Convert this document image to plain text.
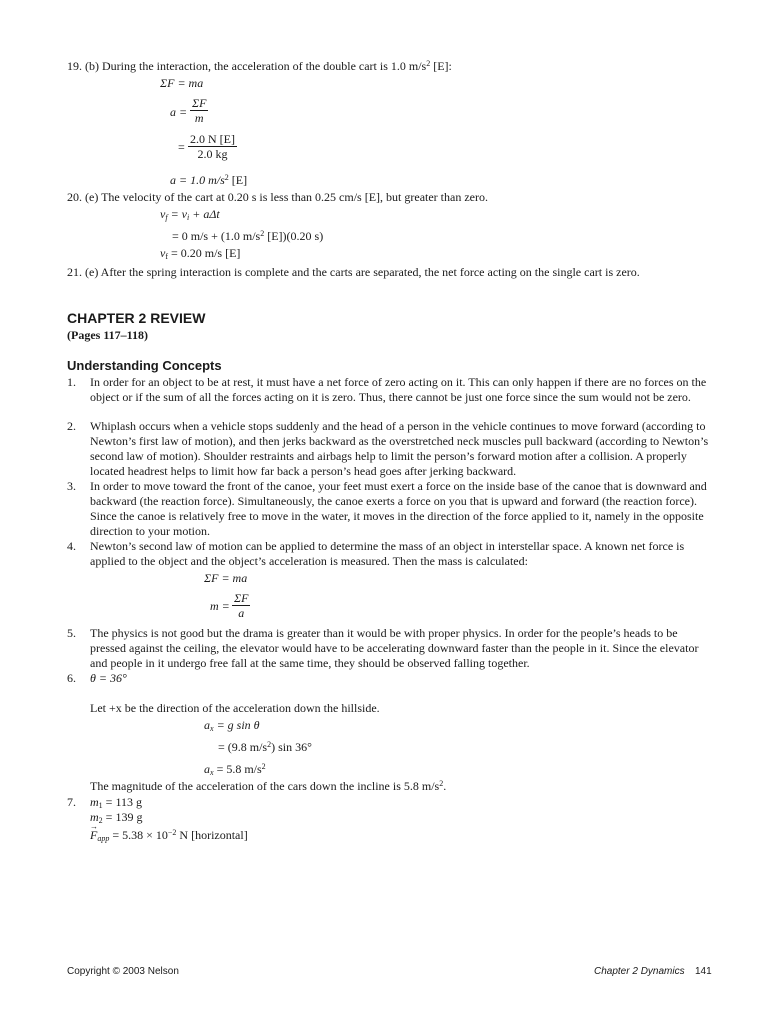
19. (b) During the interaction, the acceleration of the double cart is 1.0 $m/s^2$ [E]:
ΣF = ma
$a = \frac{\Sigma F}{m}$
= $\frac{2.0 N [E]}{2.0 kg}$
a = 1.0 $m/s^2$ [E]
20. (e) The velocity of the cart at 0.20 s is less than 0.25 cm/s [E], but greater than zero.
$v_f = v_i + a\Delta t$
= 0 m/s + (1.0 $m/s^2$ [E])(0.20 s)
$v_f = 0.20$ m/s [E]
21. (e) After the spring interaction is complete and the carts are separated, the net force acting on the single cart is zero.
CHAPTER 2 REVIEW
(Pages 117–118)
Understanding Concepts
1. In order for an object to be at rest, it must have a net force of zero acting on it. This can only happen if there are no forces on the object or if the sum of all the forces acting on it is zero. Thus, there cannot be just one force since the sum would not be zero.
2. Whiplash occurs when a vehicle stops suddenly and the head of a person in the vehicle continues to move forward (according to Newton’s first law of motion), and then jerks backward as the overstretched neck muscles pull backward (according to Newton’s second law of motion). Shoulder restraints and airbags help to limit the person’s forward motion after a collision. A properly located headrest helps to limit how far back a person’s head goes after jerking backward.
3. In order to move toward the front of the canoe, your feet must exert a force on the inside base of the canoe that is downward and backward (the reaction force). Simultaneously, the canoe exerts a force on you that is upward and forward (the reaction force). Since the canoe is relatively free to move in the water, it moves in the direction of the force applied to it, namely in the opposite direction to your motion.
4. Newton’s second law of motion can be applied to determine the mass of an object in interstellar space. A known net force is applied to the object and the object’s acceleration is measured. Then the mass is calculated:
ΣF = ma
$m = \frac{\Sigma F}{a}$
5. The physics is not good but the drama is greater than it would be with proper physics. In order for the people’s heads to be pressed against the ceiling, the elevator would have to be accelerating downward faster than the people in it. Since the elevator and people in it undergo free fall at the same time, they should be observed falling together.
6. θ = 36°
Let +x be the direction of the acceleration down the hillside.
$a_x = g$ sin θ
= (9.8 $m/s^2$) sin 36°
$a_x = 5.8$ $m/s^2$
The magnitude of the acceleration of the cars down the incline is 5.8 $m/s^2$.
7. $m_1 = 113$ g
$m_2 = 139$ g
→ $F_{app} = 5.38 \times 10^{-2}$ N [horizontal]
Copyright © 2003 Nelson	Chapter 2 Dynamics 141
